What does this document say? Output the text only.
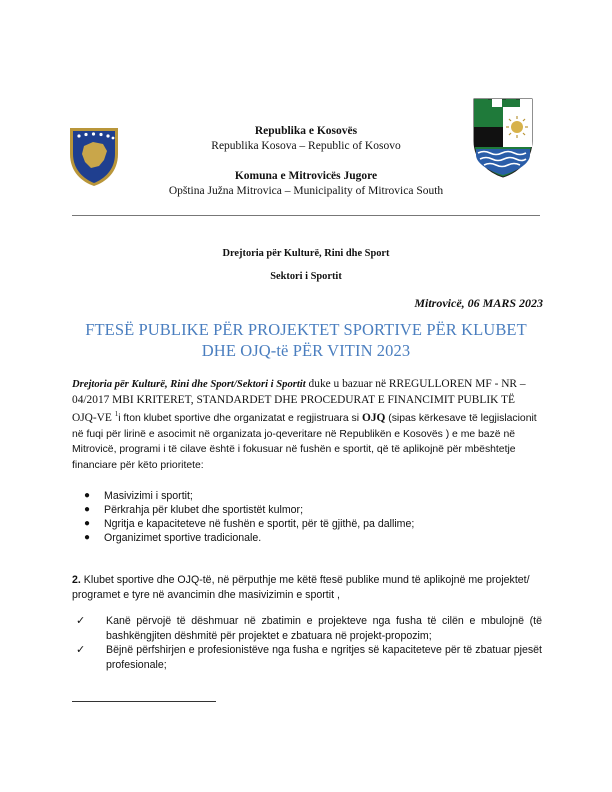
Republika e Kosovës
Republika Kosova – Republic of Kosovo
Komuna e Mitrovicës Jugore
Opština Južna Mitrovica – Municipality of Mitrovica South
Drejtoria për Kulturë, Rini dhe Sport
Sektori i Sportit
Mitrovicë, 06 MARS 2023
FTESË PUBLIKE PËR PROJEKTET SPORTIVE PËR KLUBET
DHE OJQ-të PËR VITIN 2023
Drejtoria për Kulturë, Rini dhe Sport/Sektori i Sportit duke u bazuar në RREGULLOREN MF - NR – 04/2017 MBI KRITERET, STANDARDET DHE PROCEDURAT E FINANCIMIT PUBLIK TË OJQ-VE $^1$i fton klubet sportive dhe organizatat e regjistruara si OJQ (sipas kërkesave të legjislacionit në fuqi për lirinë e asocimit në organizata jo-qeveritare në Republikën e Kosovës ) e me bazë në Mitrovicë, programi i të cilave është i fokusuar në fushën e sportit, që të aplikojnë për mbështetje financiare për këto prioritete:
● Masivizimi i sportit;
● Përkrahja për klubet dhe sportistët kulmor;
● Ngritja e kapaciteteve në fushën e sportit, për të gjithë, pa dallime;
● Organizimet sportive tradicionale.
2. Klubet sportive dhe OJQ-të, në përputhje me këtë ftesë publike mund të aplikojnë me projektet/ programet e tyre në avancimin dhe masivizimin e sportit ,
✓ Kanë përvojë të dëshmuar në zbatimin e projekteve nga fusha të cilën e mbulojnë (të bashkëngjiten dëshmitë për projektet e zbatuara në projekt-propozim;
✓ Bëjnë përfshirjen e profesionistëve nga fusha e ngritjes së kapaciteteve për të zbatuar pjesët profesionale;
